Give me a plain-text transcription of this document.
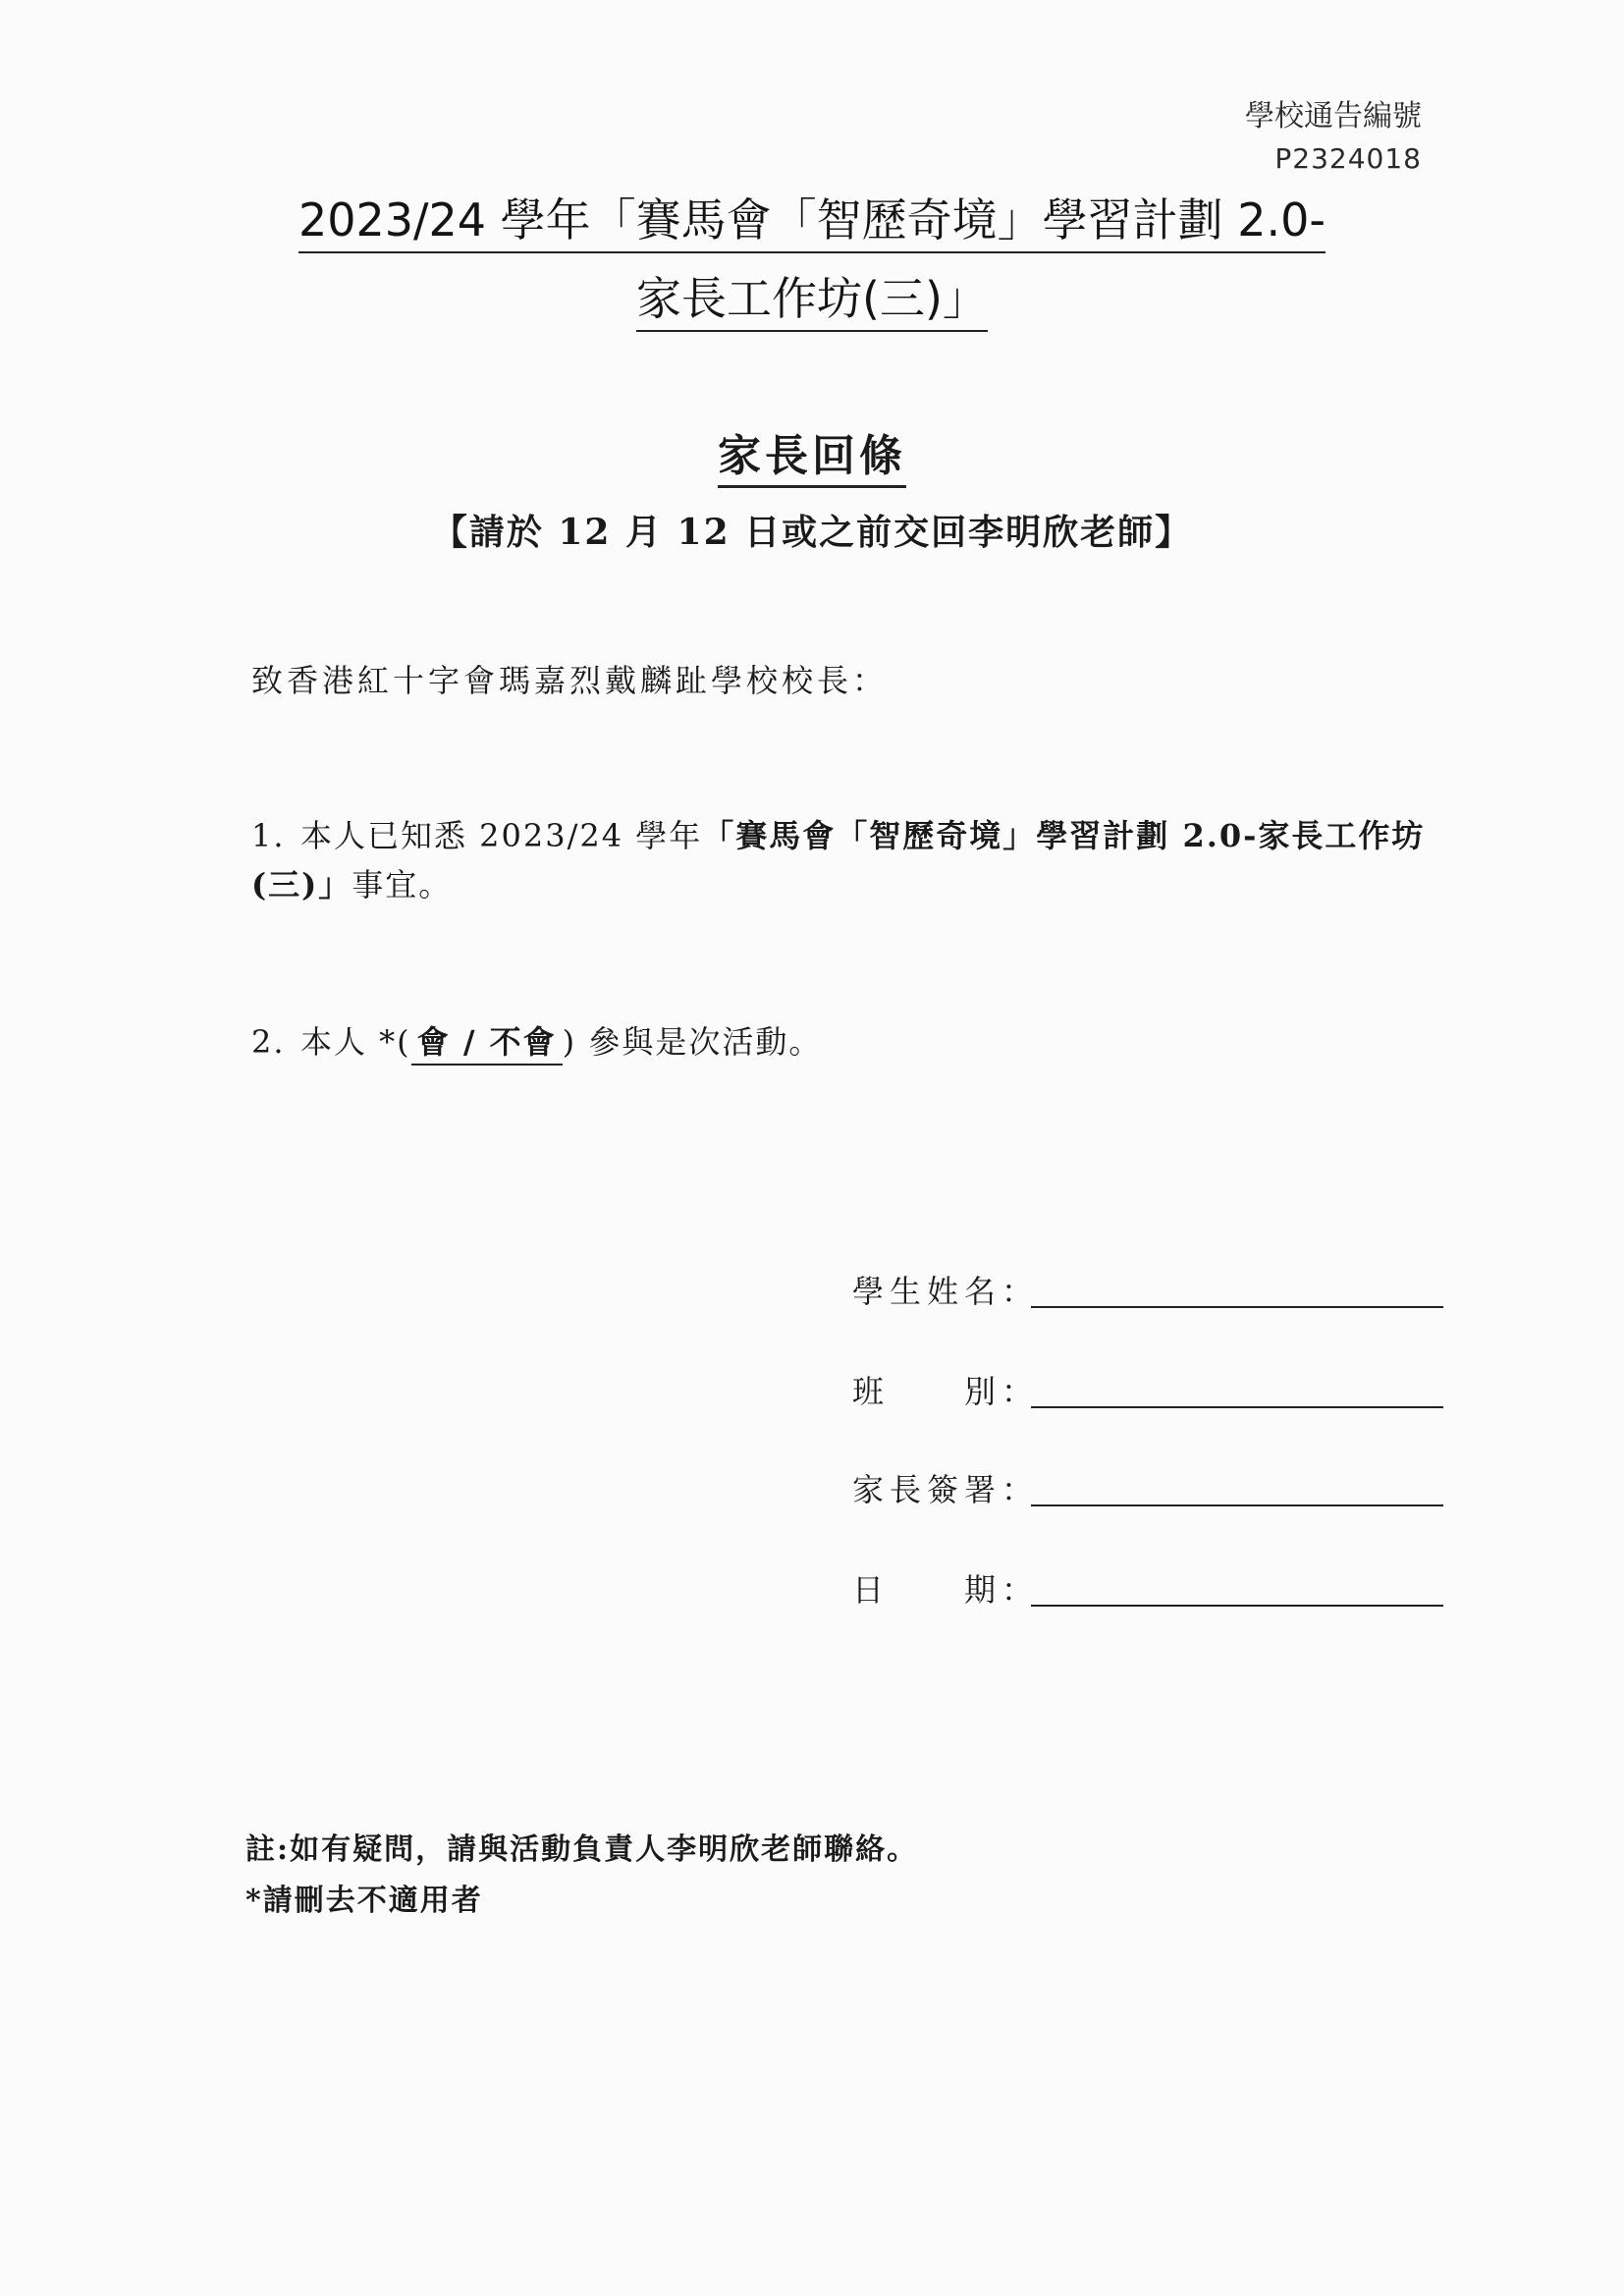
學校通告編號
P2324018
2023/24 學年「賽馬會「智歷奇境」學習計劃 2.0-
家長工作坊(三)」
家長回條
【請於 12 月 12 日或之前交回李明欣老師】
致香港紅十字會瑪嘉烈戴麟趾學校校長：
1. 本人已知悉 2023/24 學年「賽馬會「智歷奇境」學習計劃 2.0-家長工作坊(三)」事宜。
2. 本人 *( 會 / 不會 ) 參與是次活動。
學生姓名：
班　　別：
家長簽署：
日　　期：
註:如有疑問，請與活動負責人李明欣老師聯絡。
*請刪去不適用者
